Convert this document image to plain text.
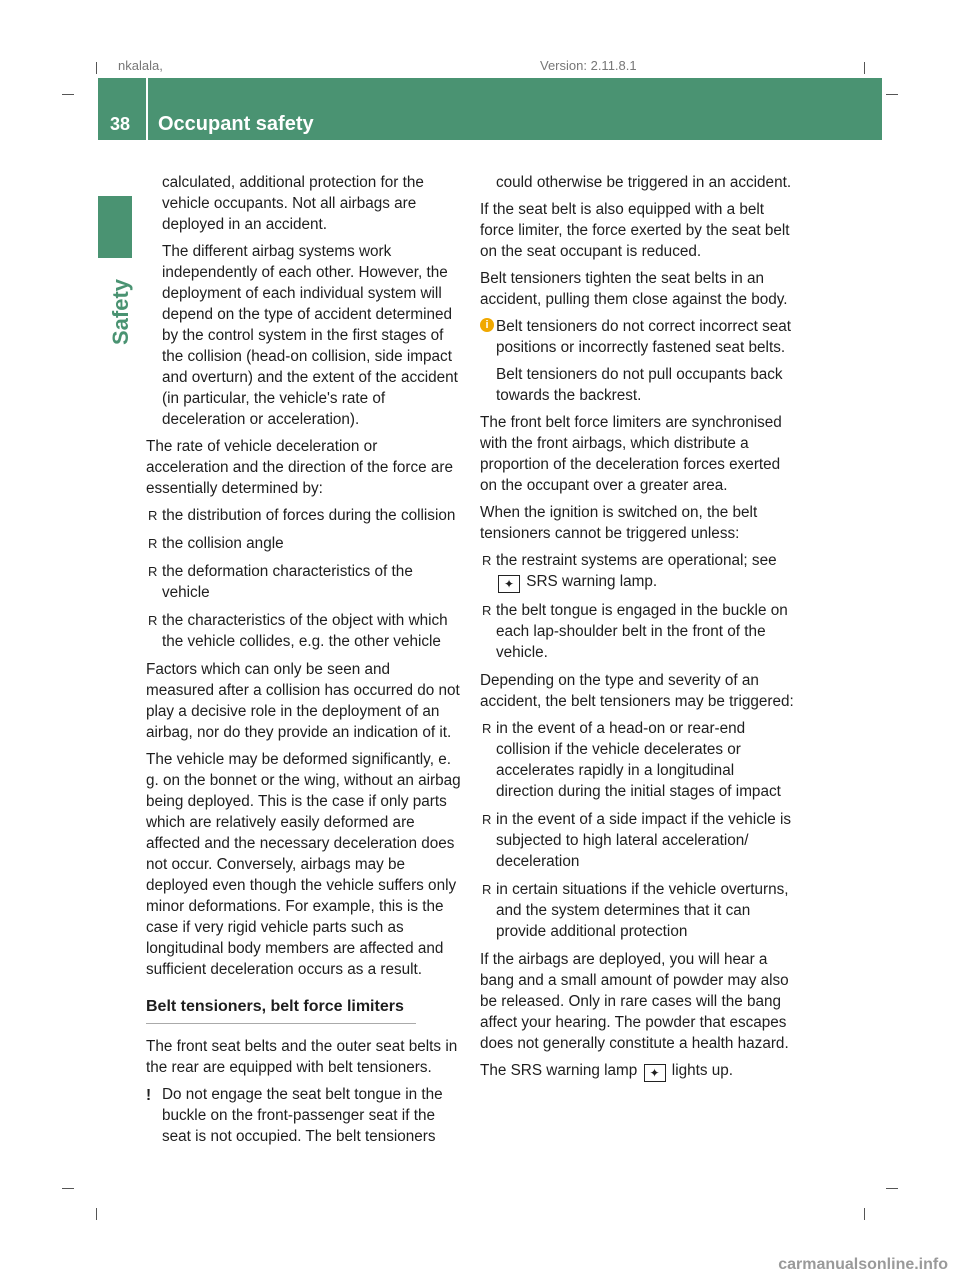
nkalala,	Version: 2.11.8.1
38 Occupant safety
Safety

calculated, additional protection for the vehicle occupants. Not all airbags are deployed in an accident.

The different airbag systems work independently of each other. However, the deployment of each individual system will depend on the type of accident determined by the control system in the first stages of the collision (head-on collision, side impact and overturn) and the extent of the accident (in particular, the vehicle's rate of deceleration or acceleration).

The rate of vehicle deceleration or acceleration and the direction of the force are essentially determined by:

R the distribution of forces during the collision
R the collision angle
R the deformation characteristics of the vehicle
R the characteristics of the object with which the vehicle collides, e.g. the other vehicle

Factors which can only be seen and measured after a collision has occurred do not play a decisive role in the deployment of an airbag, nor do they provide an indication of it.

The vehicle may be deformed significantly, e. g. on the bonnet or the wing, without an airbag being deployed. This is the case if only parts which are relatively easily deformed are affected and the necessary deceleration does not occur. Conversely, airbags may be deployed even though the vehicle suffers only minor deformations. For example, this is the case if very rigid vehicle parts such as longitudinal body members are affected and sufficient deceleration occurs as a result.

Belt tensioners, belt force limiters

The front seat belts and the outer seat belts in the rear are equipped with belt tensioners.

! Do not engage the seat belt tongue in the buckle on the front-passenger seat if the seat is not occupied. The belt tensioners

could otherwise be triggered in an accident.

If the seat belt is also equipped with a belt force limiter, the force exerted by the seat belt on the seat occupant is reduced.

Belt tensioners tighten the seat belts in an accident, pulling them close against the body.

i Belt tensioners do not correct incorrect seat positions or incorrectly fastened seat belts.

Belt tensioners do not pull occupants back towards the backrest.

The front belt force limiters are synchronised with the front airbags, which distribute a proportion of the deceleration forces exerted on the occupant over a greater area.

When the ignition is switched on, the belt tensioners cannot be triggered unless:

R the restraint systems are operational; see ✦ SRS warning lamp.
R the belt tongue is engaged in the buckle on each lap-shoulder belt in the front of the vehicle.

Depending on the type and severity of an accident, the belt tensioners may be triggered:

R in the event of a head-on or rear-end collision if the vehicle decelerates or accelerates rapidly in a longitudinal direction during the initial stages of impact
R in the event of a side impact if the vehicle is subjected to high lateral acceleration/ deceleration
R in certain situations if the vehicle overturns, and the system determines that it can provide additional protection

If the airbags are deployed, you will hear a bang and a small amount of powder may also be released. Only in rare cases will the bang affect your hearing. The powder that escapes does not generally constitute a health hazard.

The SRS warning lamp ✦ lights up.

carmanualsonline.info
